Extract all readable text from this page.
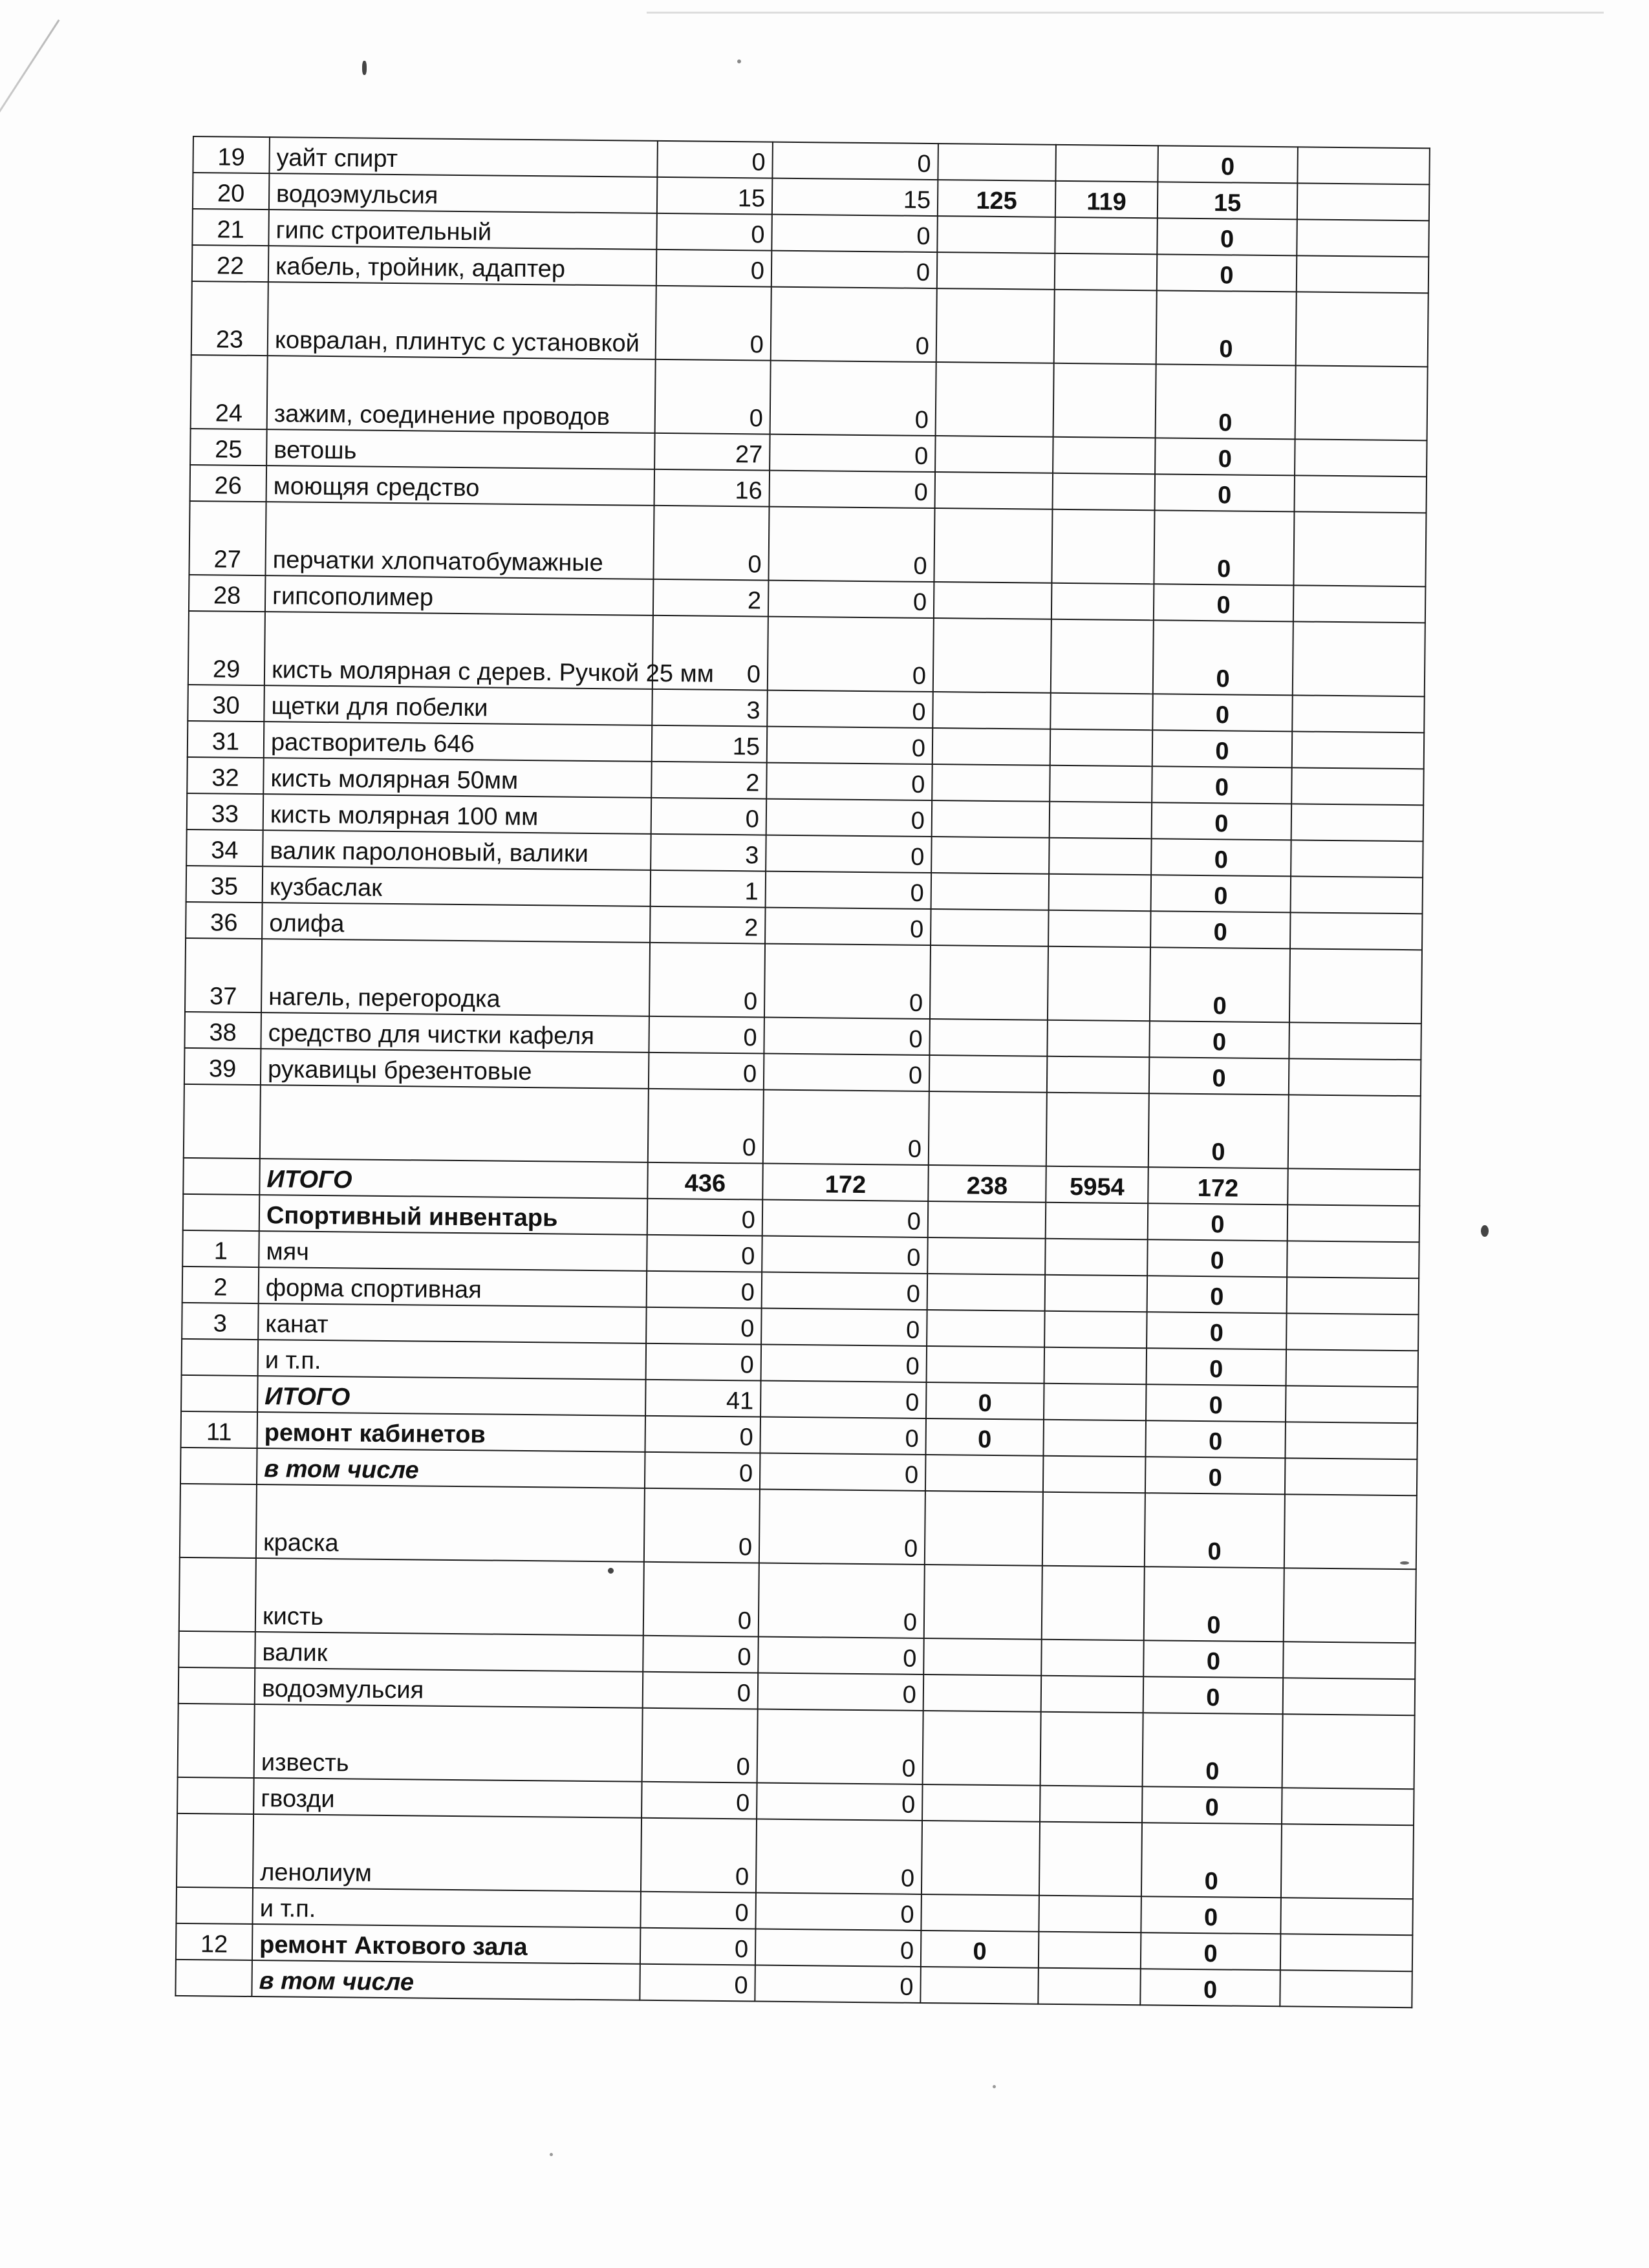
19	уайт спирт	0	0			0	
20	водоэмульсия	15	15	125	119	15	
21	гипс строительный	0	0			0	
22	кабель, тройник, адаптер	0	0			0	
23	ковралан, плинтус с установкой	0	0			0	
24	зажим, соединение проводов	0	0			0	
25	ветошь	27	0			0	
26	моющяя средство	16	0			0	
27	перчатки хлопчатобумажные	0	0			0	
28	гипсополимер	2	0			0	
29	кисть молярная с дерев. Ручкой 25 мм	0	0			0	
30	щетки для побелки	3	0			0	
31	растворитель 646	15	0			0	
32	кисть молярная 50мм	2	0			0	
33	кисть молярная 100 мм	0	0			0	
34	валик паролоновый, валики	3	0			0	
35	кузбаслак	1	0			0	
36	олифа	2	0			0	
37	нагель, перегородка	0	0			0	
38	средство для чистки кафеля	0	0			0	
39	рукавицы брезентовые	0	0			0	
		0	0			0	
	ИТОГО	436	172	238	5954	172	
	Спортивный инвентарь	0	0			0	
1	мяч	0	0			0	
2	форма спортивная	0	0			0	
3	канат	0	0			0	
	и т.п.	0	0			0	
	ИТОГО	41	0	0		0	
11	ремонт кабинетов	0	0	0		0	
	в том числе	0	0			0	
	краска	0	0			0	
	кисть	0	0			0	
	валик	0	0			0	
	водоэмульсия	0	0			0	
	известь	0	0			0	
	гвозди	0	0			0	
	ленолиум	0	0			0	
	и т.п.	0	0			0	
12	ремонт Актового зала	0	0	0		0	
	в том числе	0	0			0	
